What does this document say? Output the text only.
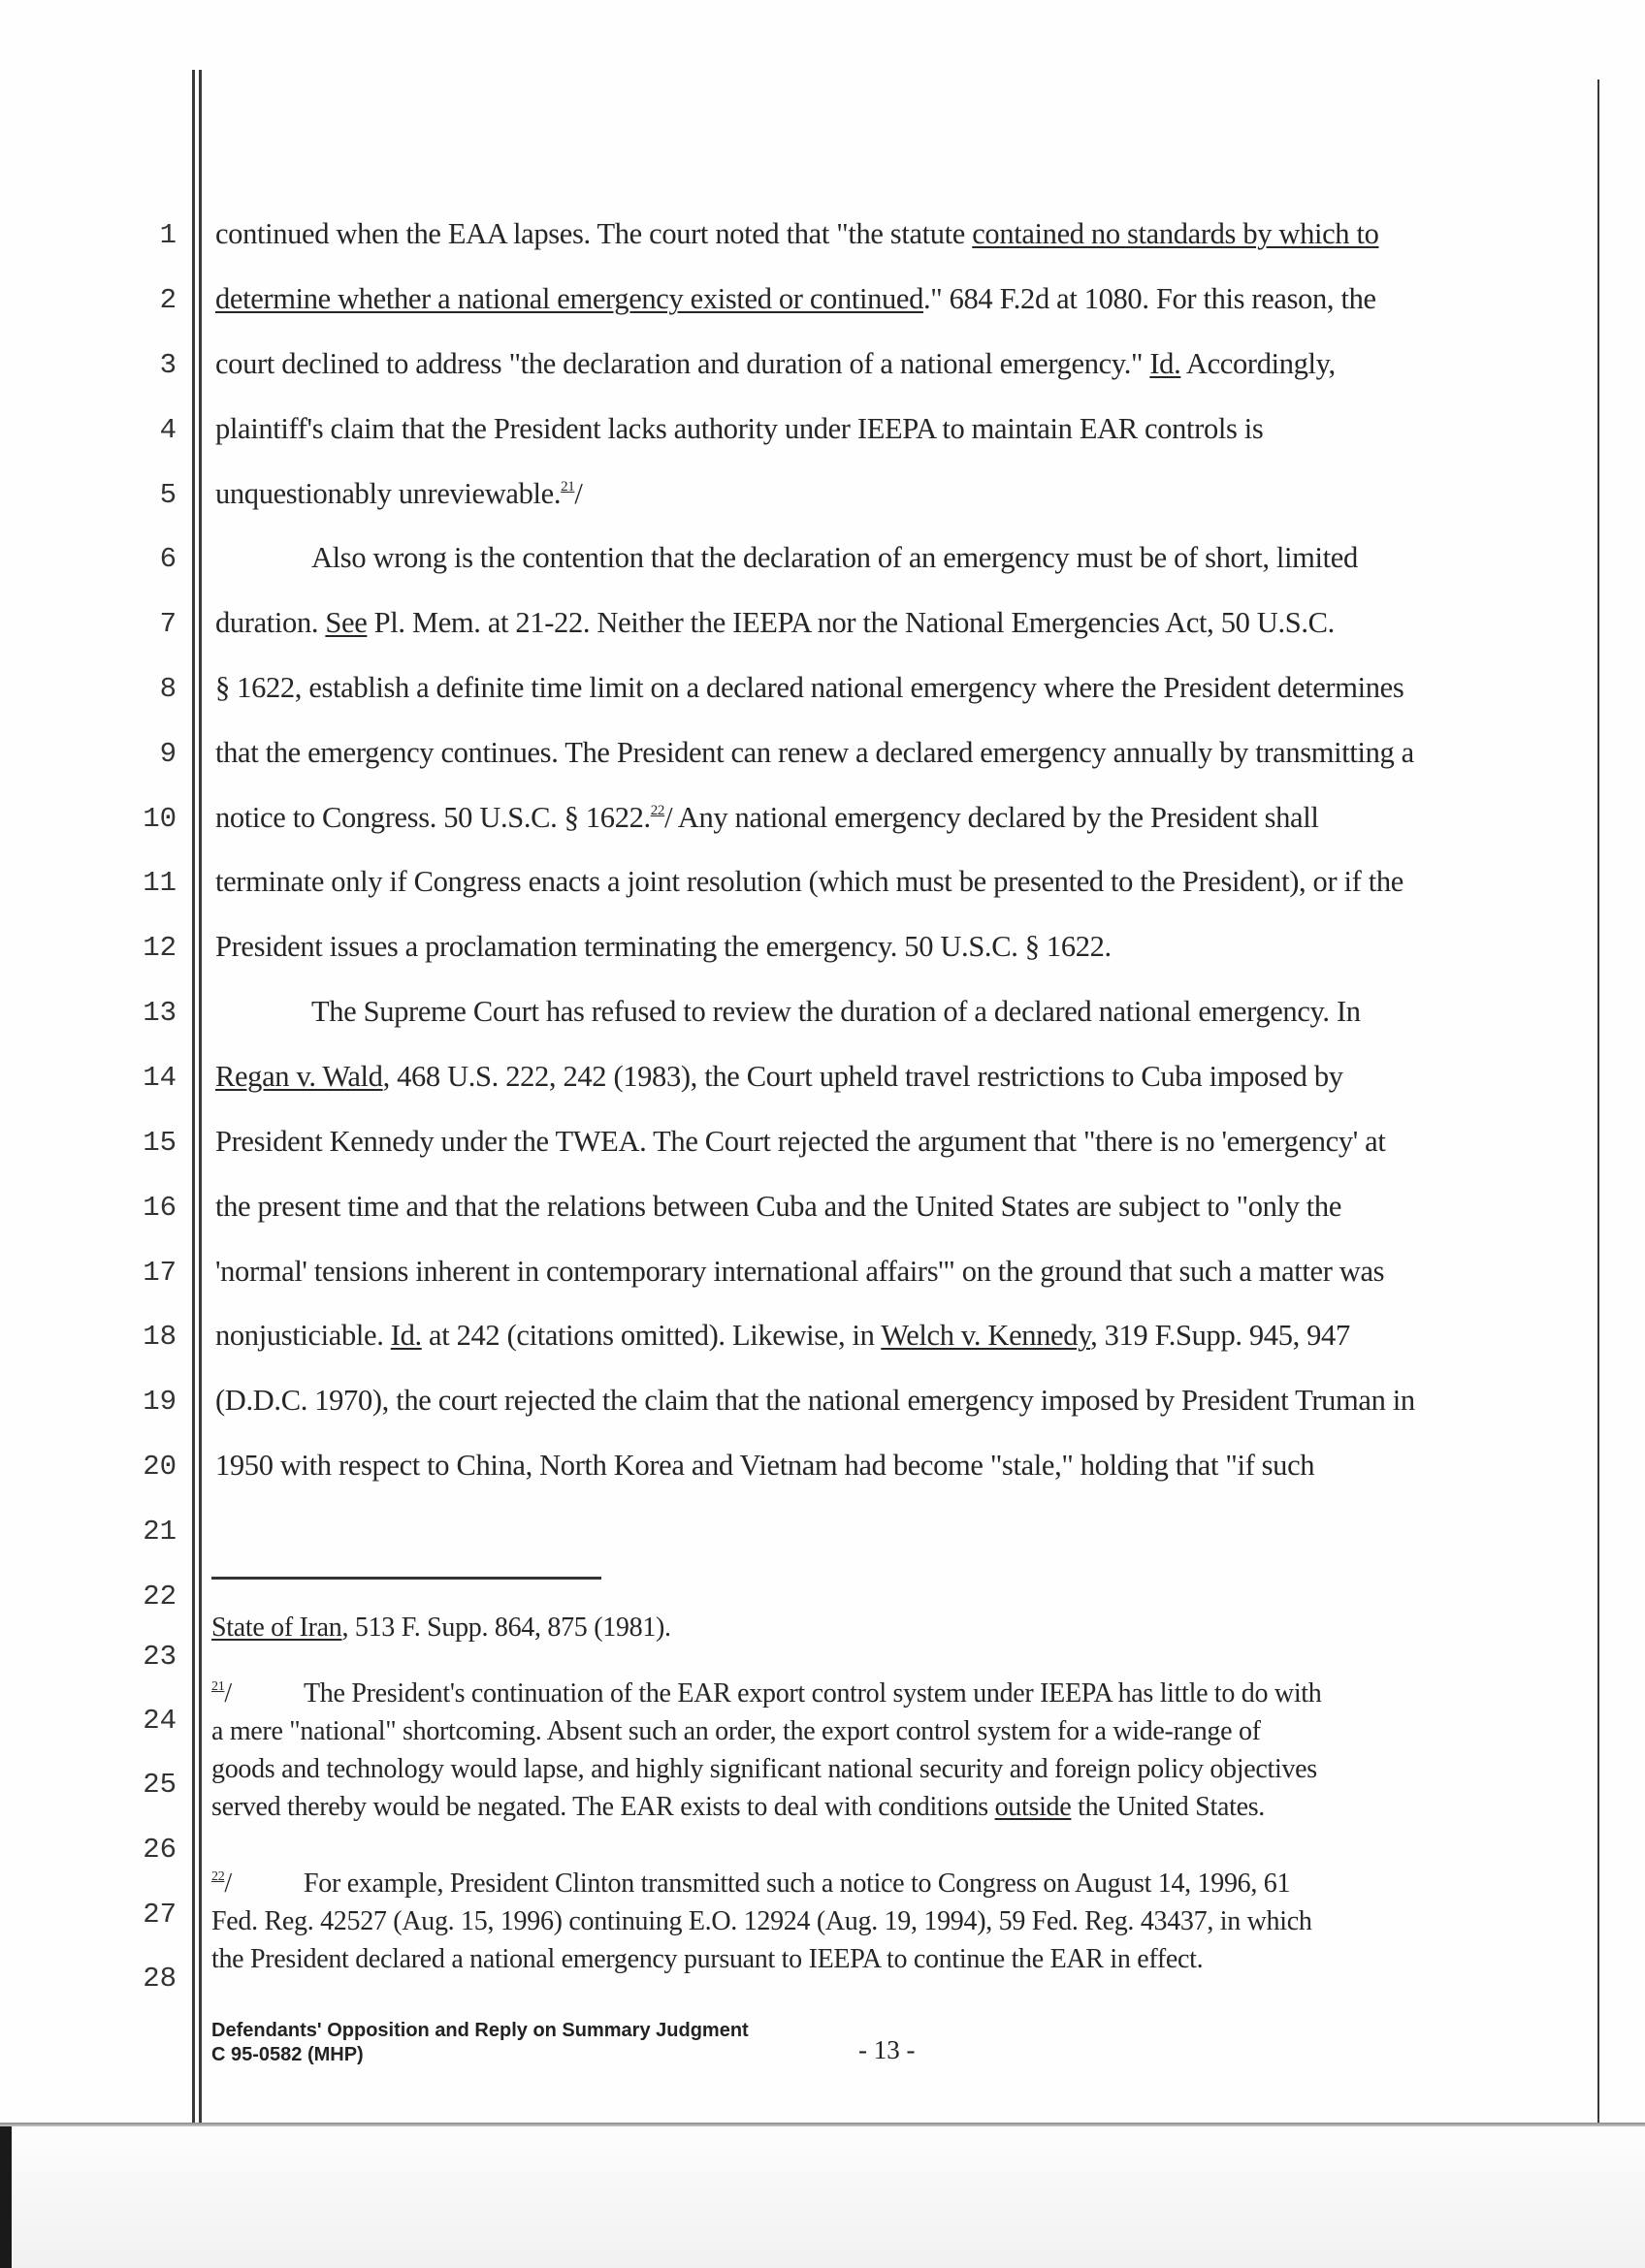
1
2
3
4
5
6
7
8
9
10
11
12
13
14
15
16
17
18
19
20
21
22
23
24
25
26
27
28
continued when the EAA lapses. The court noted that "the statute contained no standards by which to
determine whether a national emergency existed or continued." 684 F.2d at 1080. For this reason, the
court declined to address "the declaration and duration of a national emergency." Id. Accordingly,
plaintiff's claim that the President lacks authority under IEEPA to maintain EAR controls is
unquestionably unreviewable.$^{21}$/
Also wrong is the contention that the declaration of an emergency must be of short, limited
duration. See Pl. Mem. at 21-22. Neither the IEEPA nor the National Emergencies Act, 50 U.S.C.
§ 1622, establish a definite time limit on a declared national emergency where the President determines
that the emergency continues. The President can renew a declared emergency annually by transmitting a
notice to Congress. 50 U.S.C. § 1622.22/ Any national emergency declared by the President shall
terminate only if Congress enacts a joint resolution (which must be presented to the President), or if the
President issues a proclamation terminating the emergency. 50 U.S.C. § 1622.
The Supreme Court has refused to review the duration of a declared national emergency. In
Regan v. Wald, 468 U.S. 222, 242 (1983), the Court upheld travel restrictions to Cuba imposed by
President Kennedy under the TWEA. The Court rejected the argument that "there is no 'emergency' at
the present time and that the relations between Cuba and the United States are subject to "only the
'normal' tensions inherent in contemporary international affairs'" on the ground that such a matter was
nonjusticiable. Id. at 242 (citations omitted). Likewise, in Welch v. Kennedy, 319 F.Supp. 945, 947
(D.D.C. 1970), the court rejected the claim that the national emergency imposed by President Truman in
1950 with respect to China, North Korea and Vietnam had become "stale," holding that "if such
State of Iran, 513 F. Supp. 864, 875 (1981).
$^{21}$/	The President's continuation of the EAR export control system under IEEPA has little to do with
a mere "national" shortcoming. Absent such an order, the export control system for a wide-range of
goods and technology would lapse, and highly significant national security and foreign policy objectives
served thereby would be negated. The EAR exists to deal with conditions outside the United States.
$^{22}$/	For example, President Clinton transmitted such a notice to Congress on August 14, 1996, 61
Fed. Reg. 42527 (Aug. 15, 1996) continuing E.O. 12924 (Aug. 19, 1994), 59 Fed. Reg. 43437, in which
the President declared a national emergency pursuant to IEEPA to continue the EAR in effect.
Defendants' Opposition and Reply on Summary Judgment
C 95-0582 (MHP)	- 13 -
